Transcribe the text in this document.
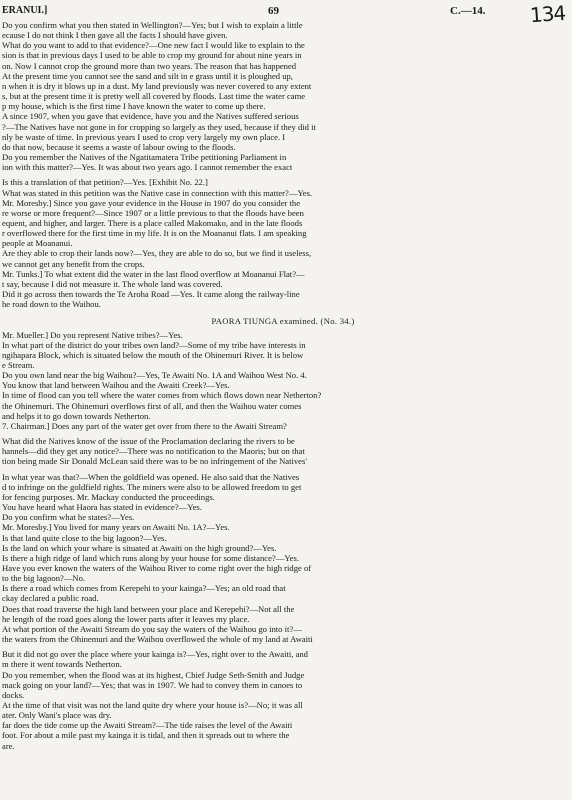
ERANUI.]	69	C.—14. 134

Do you confirm what you then stated in Wellington?—Yes; but I wish to explain a little

ecause I do not think I then gave all the facts I should have given.

What do you want to add to that evidence?—One new fact I would like to explain to the

sion is that in previous days I used to be able to crop my ground for about nine years in

on. Now I cannot crop the ground more than two years. The reason that has happened

At the present time you cannot see the sand and silt in e grass until it is ploughed up,

n when it is dry it blows up in a dust. My land previously was never covered to any extent

s, but at the present time it is pretty well all covered by floods. Last time the water came

p my house, which is the first time I have known the water to come up there.

A since 1907, when you gave that evidence, have you and the Natives suffered serious

?—The Natives have not gone in for cropping so largely as they used, because if they did it

nly be waste of time. In previous years I used to crop very largely my own place. I

do that now, because it seems a waste of labour owing to the floods.

Do you remember the Natives of the Ngatitamatera Tribe petitioning Parliament in

ion with this matter?—Yes. It was about two years ago. I cannot remember the exact

Is this a translation of that petition?—Yes. [Exhibit No. 22.]

What was stated in this petition was the Native case in connection with this matter?—Yes.

Mr. Moresby.] Since you gave your evidence in the House in 1907 do you consider the

re worse or more frequent?—Since 1907 or a little previous to that the floods have been

equent, and higher, and larger. There is a place called Makomako, and in the late floods

r overflowed there for the first time in my life. It is on the Moananui flats. I am speaking

people at Moananui.

Are they able to crop their lands now?—Yes, they are able to do so, but we find it useless,

we cannot get any benefit from the crops.

Mr. Tunks.] To what extent did the water in the last flood overflow at Moananui Flat?—

t say, because I did not measure it. The whole land was covered.

Did it go across then towards the Te Aroha Road —Yes. It came along the railway-line

he road down to the Waihou.

PAORA TIUNGA examined. (No. 34.)

Mr. Mueller.] Do you represent Native tribes?—Yes.

In what part of the district do your tribes own land?—Some of my tribe have interests in

ngihapara Block, which is situated below the mouth of the Ohinemuri River. It is below

e Stream.

Do you own land near the big Waihou?—Yes, Te Awaiti No. 1A and Waihou West No. 4.

You know that land between Waihou and the Awaiti Creek?—Yes.

In time of flood can you tell where the water comes from which flows down near Netherton?

the Ohinemuri. The Ohinemuri overflows first of all, and then the Waihou water comes

and helps it to go down towards Netherton.

7. Chairman.] Does any part of the water get over from there to the Awaiti Stream?

What did the Natives know of the issue of the Proclamation declaring the rivers to be

hannels—did they get any notice?—There was no notification to the Maoris; but on that

tion being made Sir Donald McLean said there was to be no infringement of the Natives'

In what year was that?—When the goldfield was opened. He also said that the Natives

d to infringe on the goldfield rights. The miners were also to be allowed freedom to get

for fencing purposes. Mr. Mackay conducted the proceedings.

You have heard what Haora has stated in evidence?—Yes.

Do you confirm what he states?—Yes.

Mr. Moresby.] You lived for many years on Awaiti No. 1A?—Yes.

Is that land quite close to the big lagoon?—Yes.

Is the land on which your whare is situated at Awaiti on the high ground?—Yes.

Is there a high ridge of land which runs along by your house for some distance?—Yes.

Have you ever known the waters of the Waihou River to come right over the high ridge of

to the big lagoon?—No.

Is there a road which comes from Kerepehi to your kainga?—Yes; an old road that

ckay declared a public road.

Does that road traverse the high land between your place and Kerepehi?—Not all the

he length of the road goes along the lower parts after it leaves my place.

At what portion of the Awaiti Stream do you say the waters of the Waihou go into it?—

the waters from the Ohinemuri and the Waihou overflowed the whole of my land at Awaiti

But it did not go over the place where your kainga is?—Yes, right over to the Awaiti, and

m there it went towards Netherton.

Do you remember, when the flood was at its highest, Chief Judge Seth-Smith and Judge

mack going on your land?—Yes; that was in 1907. We had to convey them in canoes to

docks.

At the time of that visit was not the land quite dry where your house is?—No; it was all

ater. Only Wani's place was dry.

far does the tide come up the Awaiti Stream?—The tide raises the level of the Awaiti

foot. For about a mile past my kainga it is tidal, and then it spreads out to where the

are.
